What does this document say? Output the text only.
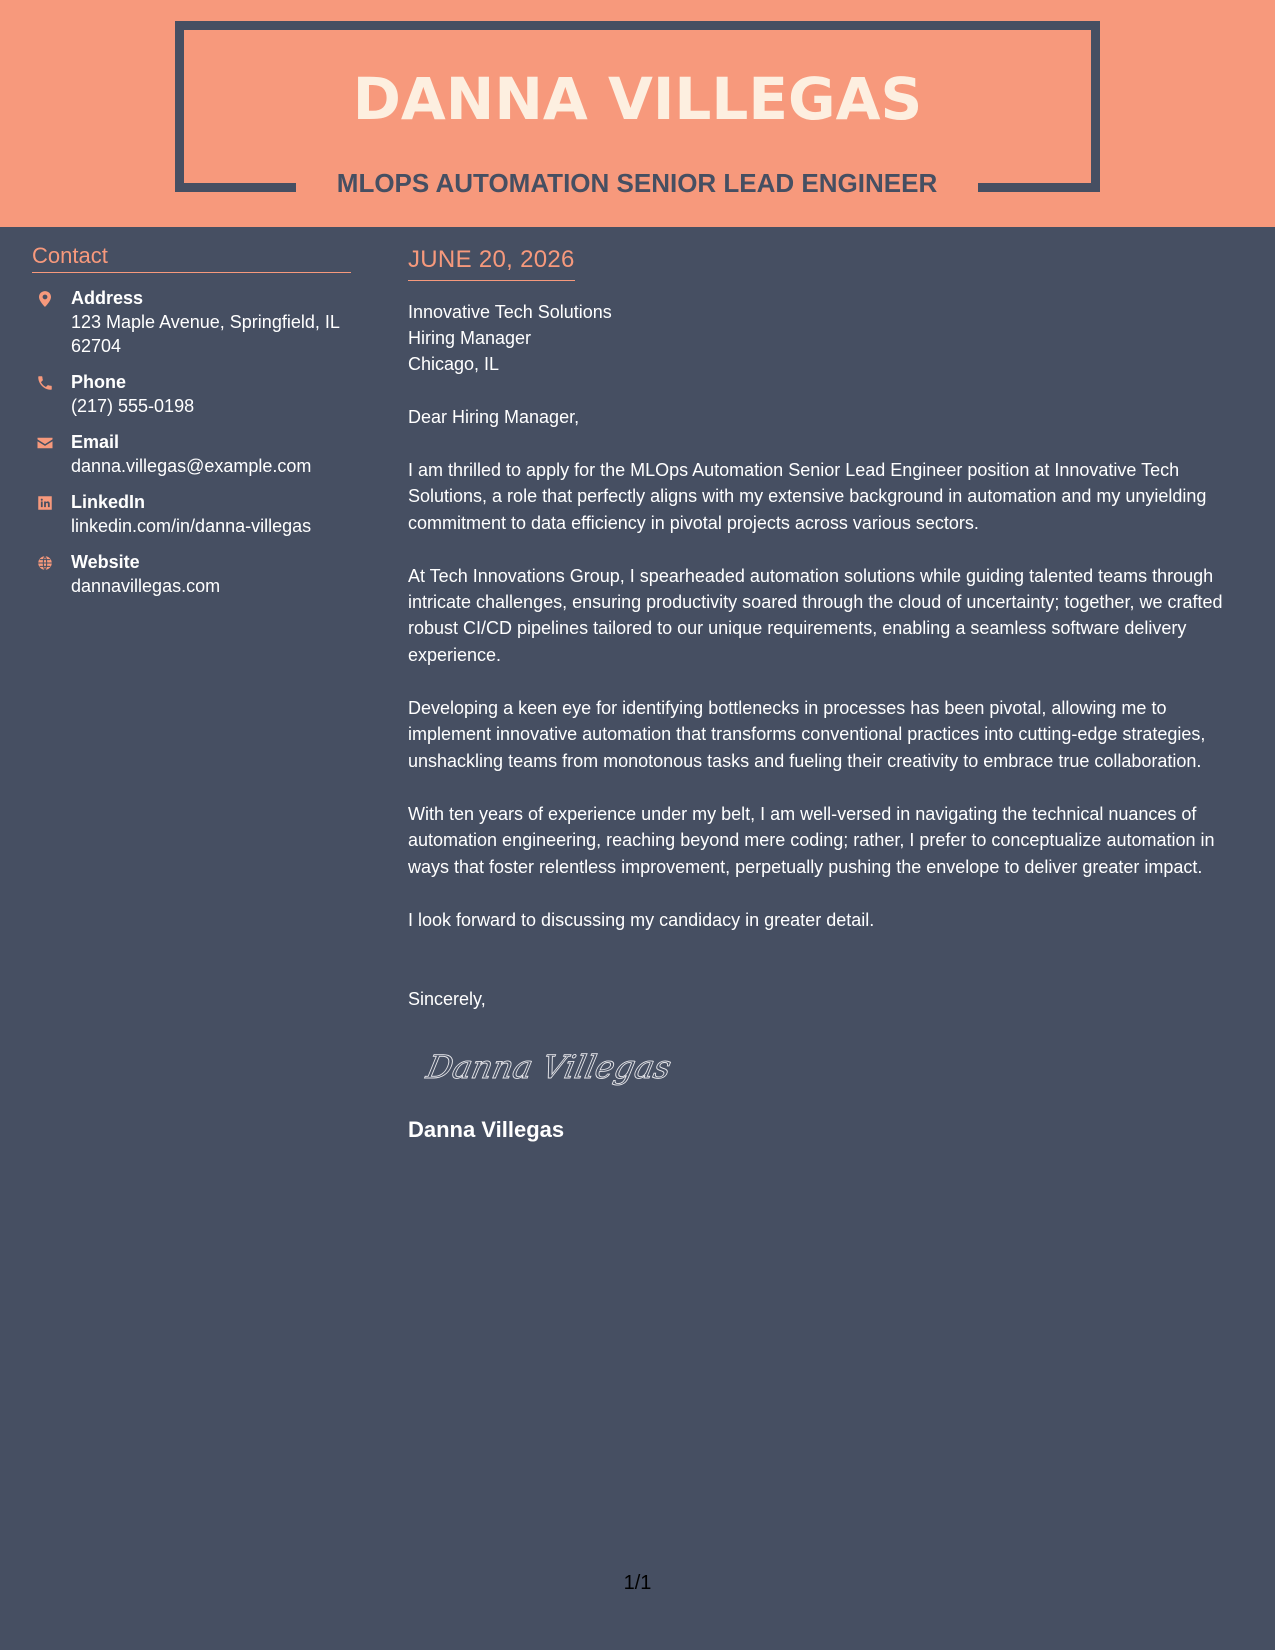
DANNA VILLEGAS
MLOPS AUTOMATION SENIOR LEAD ENGINEER
Contact
Address
123 Maple Avenue, Springfield, IL 62704
Phone
(217) 555-0198
Email
danna.villegas@example.com
LinkedIn
linkedin.com/in/danna-villegas
Website
dannavillegas.com
JUNE 20, 2026
Innovative Tech Solutions
Hiring Manager
Chicago, IL
Dear Hiring Manager,

I am thrilled to apply for the MLOps Automation Senior Lead Engineer position at Innovative Tech Solutions, a role that perfectly aligns with my extensive background in automation and my unyielding commitment to data efficiency in pivotal projects across various sectors.

At Tech Innovations Group, I spearheaded automation solutions while guiding talented teams through intricate challenges, ensuring productivity soared through the cloud of uncertainty; together, we crafted robust CI/CD pipelines tailored to our unique requirements, enabling a seamless software delivery experience.

Developing a keen eye for identifying bottlenecks in processes has been pivotal, allowing me to implement innovative automation that transforms conventional practices into cutting-edge strategies, unshackling teams from monotonous tasks and fueling their creativity to embrace true collaboration.

With ten years of experience under my belt, I am well-versed in navigating the technical nuances of automation engineering, reaching beyond mere coding; rather, I prefer to conceptualize automation in ways that foster relentless improvement, perpetually pushing the envelope to deliver greater impact.

I look forward to discussing my candidacy in greater detail.

Sincerely,
Danna Villegas
Danna Villegas
1/1
